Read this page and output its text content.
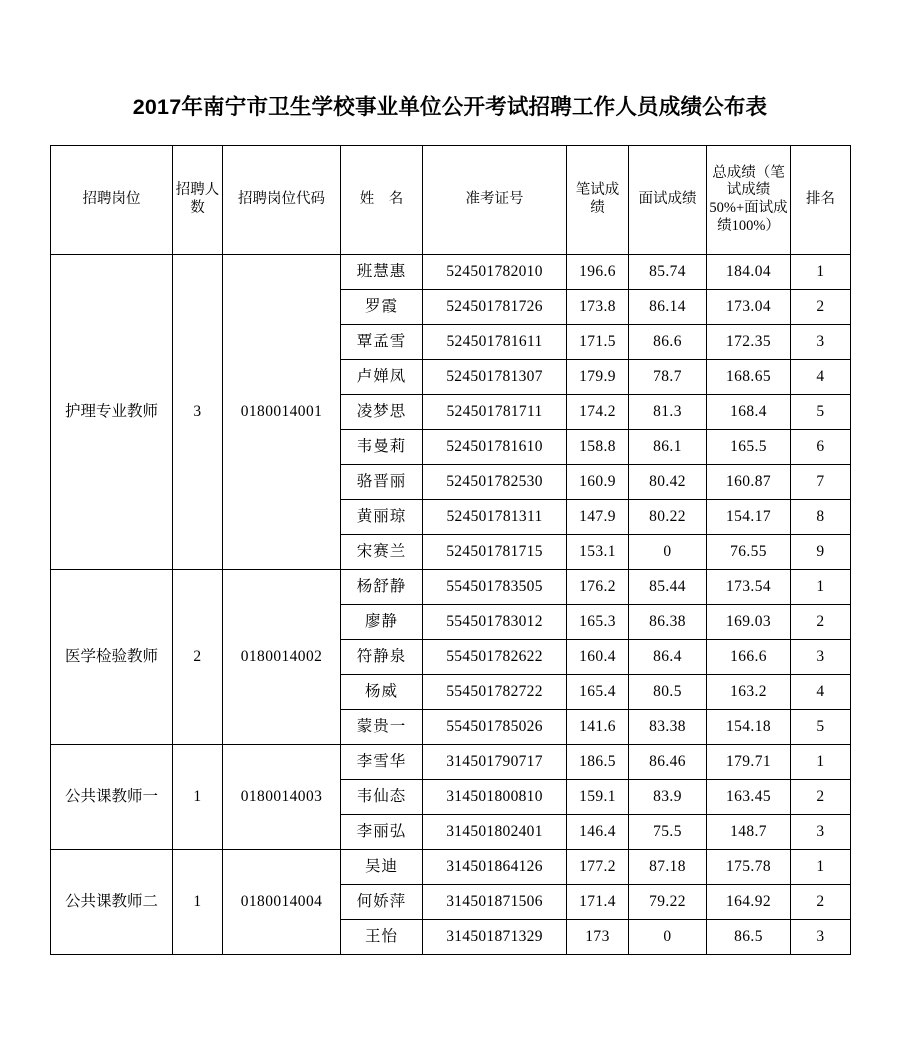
2017年南宁市卫生学校事业单位公开考试招聘工作人员成绩公布表
招聘岗位	招聘人数	招聘岗位代码	姓　名	准考证号	笔试成绩	面试成绩	总成绩（笔试成绩50%+面试成绩100%）	排名
护理专业教师	3	0180014001	班慧惠	524501782010	196.6	85.74	184.04	1
			罗霞	524501781726	173.8	86.14	173.04	2
			覃孟雪	524501781611	171.5	86.6	172.35	3
			卢婵凤	524501781307	179.9	78.7	168.65	4
			凌梦思	524501781711	174.2	81.3	168.4	5
			韦曼莉	524501781610	158.8	86.1	165.5	6
			骆晋丽	524501782530	160.9	80.42	160.87	7
			黄丽琼	524501781311	147.9	80.22	154.17	8
			宋赛兰	524501781715	153.1	0	76.55	9
医学检验教师	2	0180014002	杨舒静	554501783505	176.2	85.44	173.54	1
			廖静	554501783012	165.3	86.38	169.03	2
			符静泉	554501782622	160.4	86.4	166.6	3
			杨威	554501782722	165.4	80.5	163.2	4
			蒙贵一	554501785026	141.6	83.38	154.18	5
公共课教师一	1	0180014003	李雪华	314501790717	186.5	86.46	179.71	1
			韦仙态	314501800810	159.1	83.9	163.45	2
			李丽弘	314501802401	146.4	75.5	148.7	3
公共课教师二	1	0180014004	吴迪	314501864126	177.2	87.18	175.78	1
			何娇萍	314501871506	171.4	79.22	164.92	2
			王怡	314501871329	173	0	86.5	3
